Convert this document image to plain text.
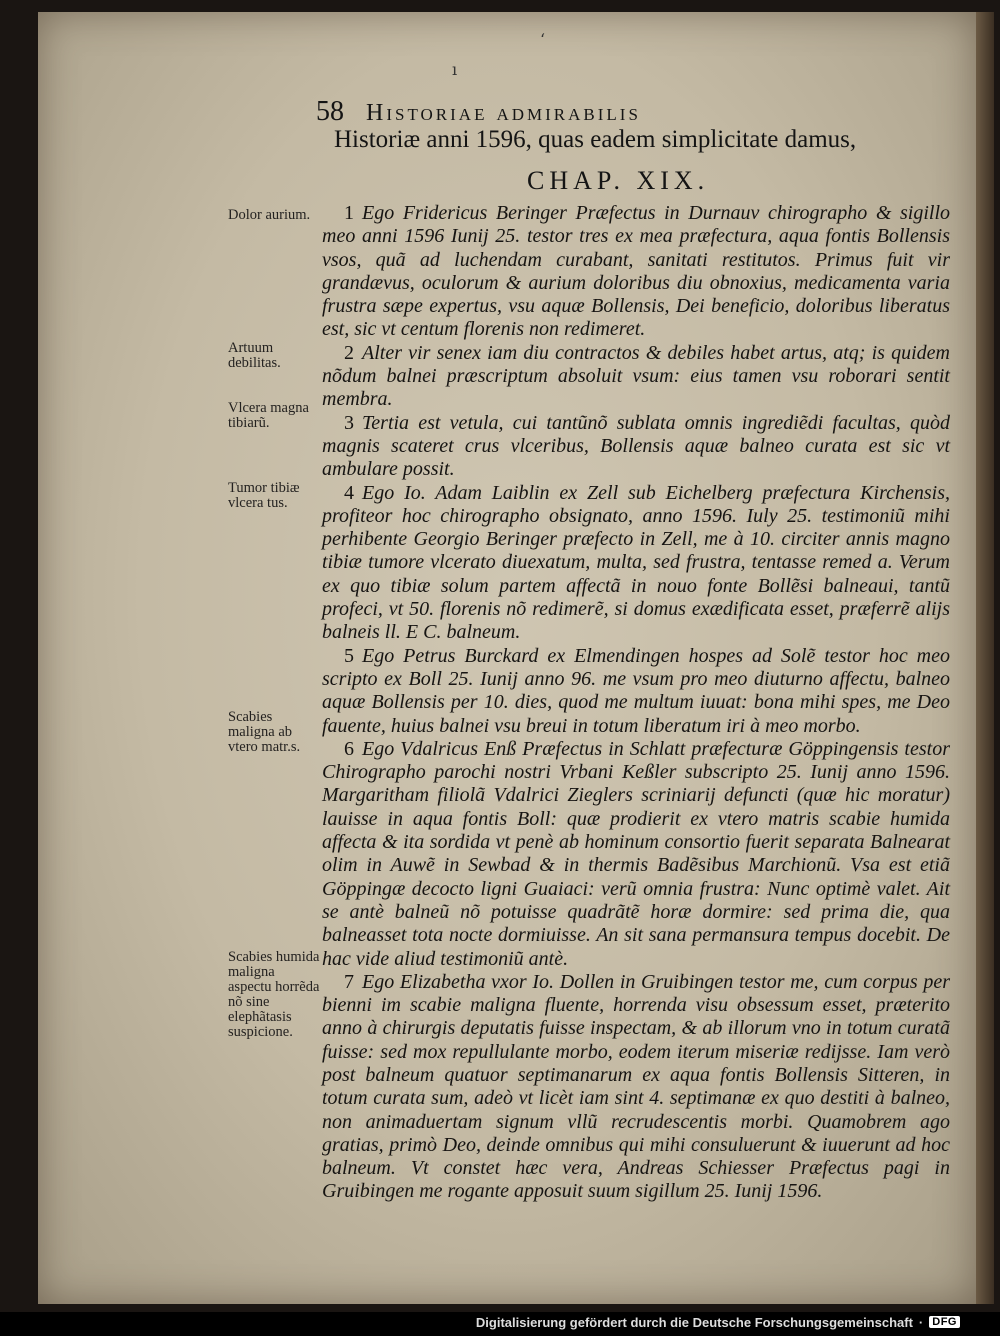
‘
ı
58 Historiae admirabilis
Historiæ anni 1596, quas eadem simplicitate damus,
CHAP. XIX.
Dolor aurium.
Artuum debilitas.
Vlcera magna tibiarũ.
Tumor tibiæ vlcera tus.
Scabies maligna ab vtero matr.s.
Scabies humida maligna aspectu horrẽda nõ sine elephãtasis suspicione.

1 Ego Fridericus Beringer Præfectus in Durnauv chirographo & sigillo meo anni 1596 Iunij 25. testor tres ex mea præfectura, aqua fontis Bollensis vsos, quã ad luchendam curabant, sanitati restitutos. Primus fuit vir grandævus, oculorum & aurium doloribus diu obnoxius, medicamenta varia frustra sæpe expertus, vsu aquæ Bollensis, Dei beneficio, doloribus liberatus est, sic vt centum florenis non redimeret.

2 Alter vir senex iam diu contractos & debiles habet artus, atq; is quidem nõdum balnei præscriptum absoluit vsum: eius tamen vsu roborari sentit membra.

3 Tertia est vetula, cui tantũnõ sublata omnis ingrediẽdi facultas, quòd magnis scateret crus vlceribus, Bollensis aquæ balneo curata est sic vt ambulare possit.

4 Ego Io. Adam Laiblin ex Zell sub Eichelberg præfectura Kirchensis, profiteor hoc chirographo obsignato, anno 1596. Iuly 25. testimoniũ mihi perhibente Georgio Beringer præfecto in Zell, me à 10. circiter annis magno tibiæ tumore vlcerato diuexatum, multa, sed frustra, tentasse remed a. Verum ex quo tibiæ solum partem affectã in nouo fonte Bollẽsi balneaui, tantũ profeci, vt 50. florenis nõ redimerẽ, si domus exædificata esset, præferrẽ alijs balneis ll. E C. balneum.

5 Ego Petrus Burckard ex Elmendingen hospes ad Solẽ testor hoc meo scripto ex Boll 25. Iunij anno 96. me vsum pro meo diuturno affectu, balneo aquæ Bollensis per 10. dies, quod me multum iuuat: bona mihi spes, me Deo fauente, huius balnei vsu breui in totum liberatum iri à meo morbo.

6 Ego Vdalricus Enß Præfectus in Schlatt præfecturæ Göppingensis testor Chirographo parochi nostri Vrbani Keßler subscripto 25. Iunij anno 1596. Margaritham filiolã Vdalrici Zieglers scriniarij defuncti (quæ hic moratur) lauisse in aqua fontis Boll: quæ prodierit ex vtero matris scabie humida affecta & ita sordida vt penè ab hominum consortio fuerit separata Balnearat olim in Auwẽ in Sewbad & in thermis Badẽsibus Marchionũ. Vsa est etiã Göppingæ decocto ligni Guaiaci: verũ omnia frustra: Nunc optimè valet. Ait se antè balneũ nõ potuisse quadrãtẽ horæ dormire: sed prima die, qua balneasset tota nocte dormiuisse. An sit sana permansura tempus docebit. De hac vide aliud testimoniũ antè.

7 Ego Elizabetha vxor Io. Dollen in Gruibingen testor me, cum corpus per bienni im scabie maligna fluente, horrenda visu obsessum esset, præterito anno à chirurgis deputatis fuisse inspectam, & ab illorum vno in totum curatã fuisse: sed mox repullulante morbo, eodem iterum miseriæ redijsse. Iam verò post balneum quatuor septimanarum ex aqua fontis Bollensis Sitteren, in totum curata sum, adeò vt licèt iam sint 4. septimanæ ex quo destiti à balneo, non animaduertam signum vllũ recrudescentis morbi. Quamobrem ago gratias, primò Deo, deinde omnibus qui mihi consuluerunt & iuuerunt ad hoc balneum. Vt constet hæc vera, Andreas Schiesser Præfectus pagi in Gruibingen me rogante apposuit suum sigillum 25. Iunij 1596.

Digitalisierung gefördert durch die Deutsche Forschungsgemeinschaft · DFG
